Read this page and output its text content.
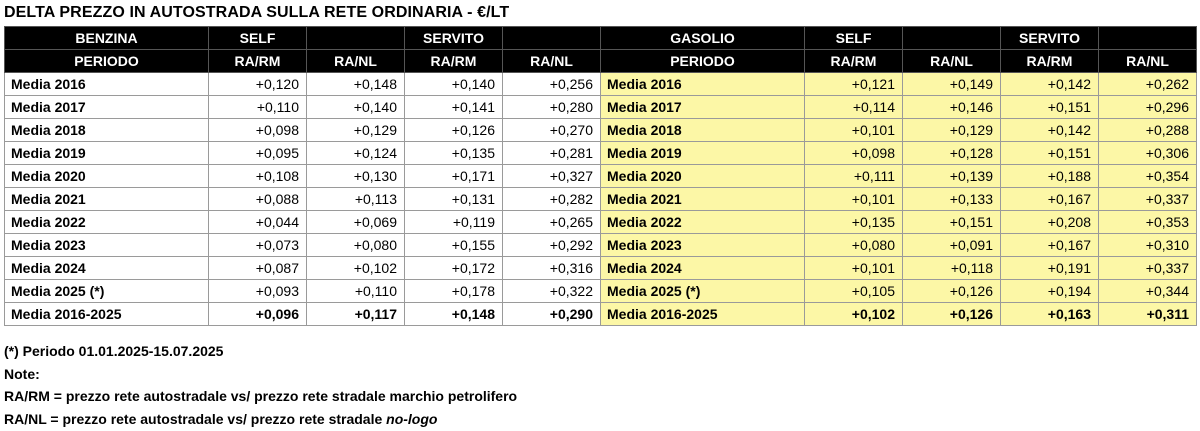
DELTA PREZZO IN AUTOSTRADA SULLA RETE ORDINARIA - €/LT
BENZINA	SELF		SERVITO		GASOLIO	SELF		SERVITO	
PERIODO	RA/RM	RA/NL	RA/RM	RA/NL	PERIODO	RA/RM	RA/NL	RA/RM	RA/NL
Media 2016	+0,120	+0,148	+0,140	+0,256	Media 2016	+0,121	+0,149	+0,142	+0,262
Media 2017	+0,110	+0,140	+0,141	+0,280	Media 2017	+0,114	+0,146	+0,151	+0,296
Media 2018	+0,098	+0,129	+0,126	+0,270	Media 2018	+0,101	+0,129	+0,142	+0,288
Media 2019	+0,095	+0,124	+0,135	+0,281	Media 2019	+0,098	+0,128	+0,151	+0,306
Media 2020	+0,108	+0,130	+0,171	+0,327	Media 2020	+0,111	+0,139	+0,188	+0,354
Media 2021	+0,088	+0,113	+0,131	+0,282	Media 2021	+0,101	+0,133	+0,167	+0,337
Media 2022	+0,044	+0,069	+0,119	+0,265	Media 2022	+0,135	+0,151	+0,208	+0,353
Media 2023	+0,073	+0,080	+0,155	+0,292	Media 2023	+0,080	+0,091	+0,167	+0,310
Media 2024	+0,087	+0,102	+0,172	+0,316	Media 2024	+0,101	+0,118	+0,191	+0,337
Media 2025 (*)	+0,093	+0,110	+0,178	+0,322	Media 2025 (*)	+0,105	+0,126	+0,194	+0,344
Media 2016-2025	+0,096	+0,117	+0,148	+0,290	Media 2016-2025	+0,102	+0,126	+0,163	+0,311
(*) Periodo 01.01.2025-15.07.2025
Note:
RA/RM = prezzo rete autostradale vs/ prezzo rete stradale marchio petrolifero
RA/NL = prezzo rete autostradale vs/ prezzo rete stradale no-logo
